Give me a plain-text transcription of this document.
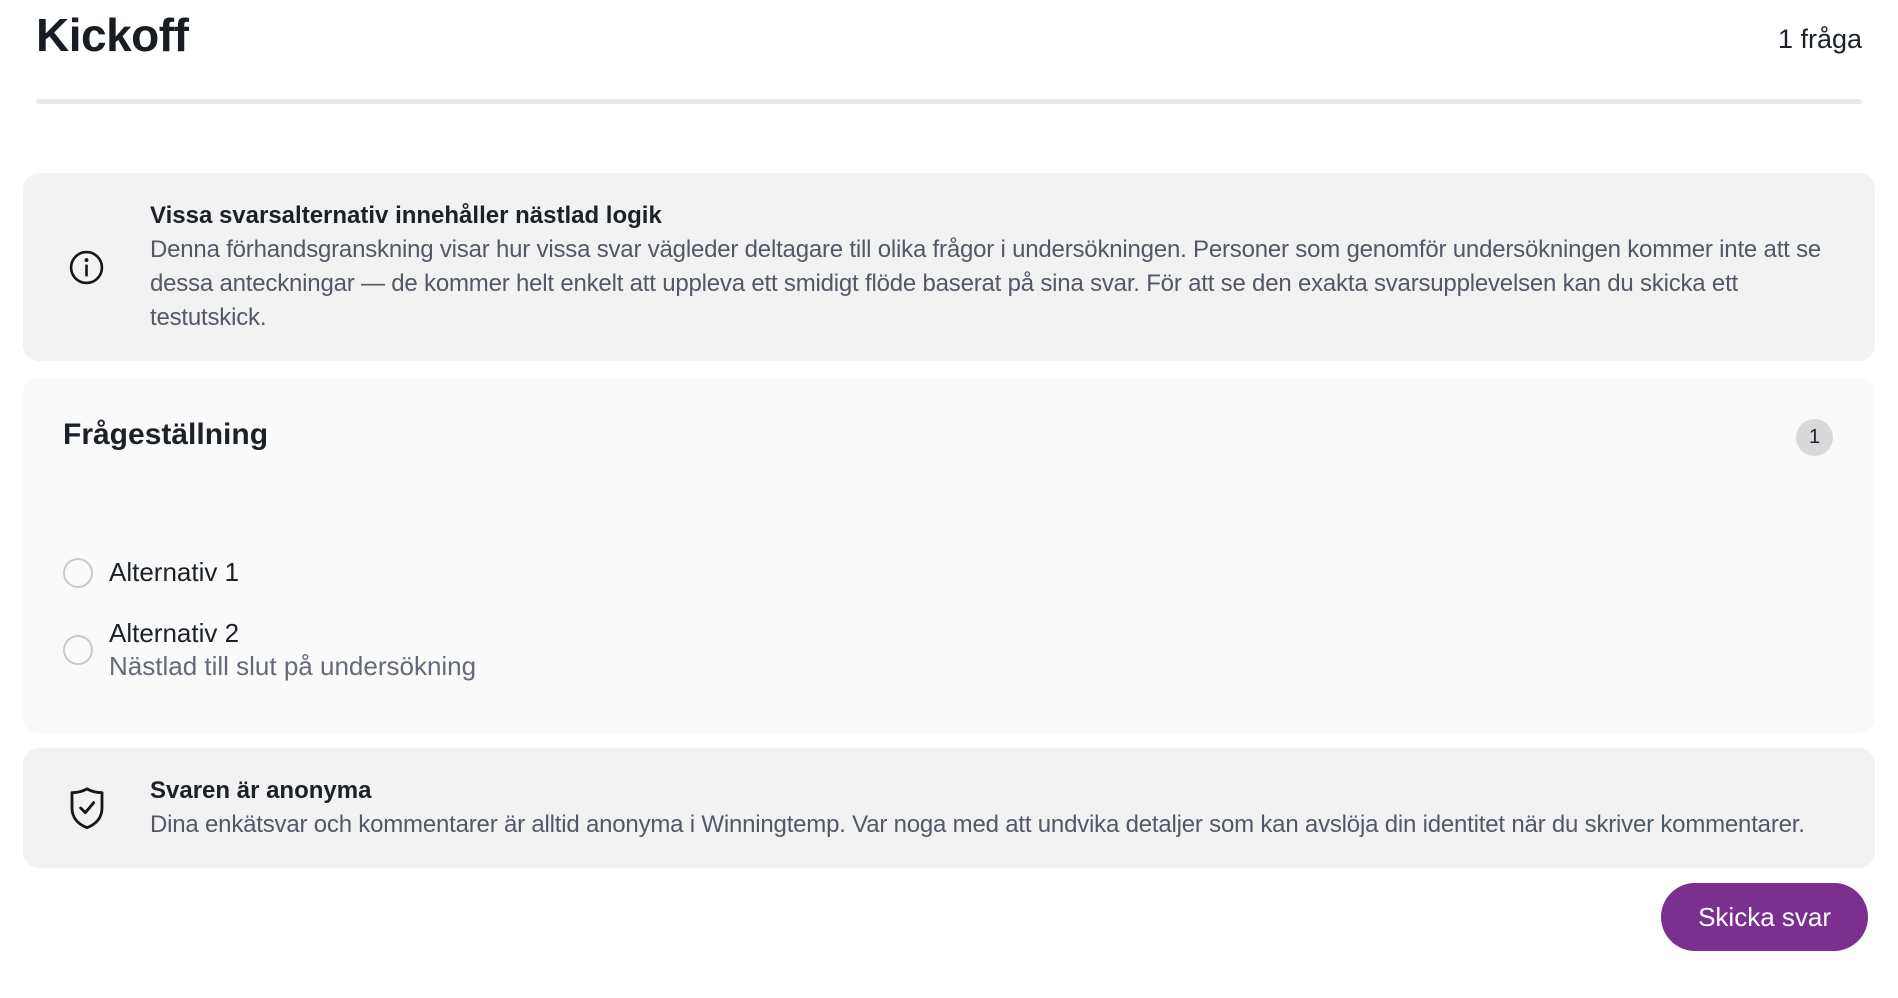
Kickoff	1 fråga
Vissa svarsalternativ innehåller nästlad logik
Denna förhandsgranskning visar hur vissa svar vägleder deltagare till olika frågor i undersökningen. Personer som genomför undersökningen kommer inte att se dessa anteckningar — de kommer helt enkelt att uppleva ett smidigt flöde baserat på sina svar. För att se den exakta svarsupplevelsen kan du skicka ett testutskick.
Frågeställning	1
Alternativ 1
Alternativ 2
Nästlad till slut på undersökning
Svaren är anonyma
Dina enkätsvar och kommentarer är alltid anonyma i Winningtemp. Var noga med att undvika detaljer som kan avslöja din identitet när du skriver kommentarer.
Skicka svar
